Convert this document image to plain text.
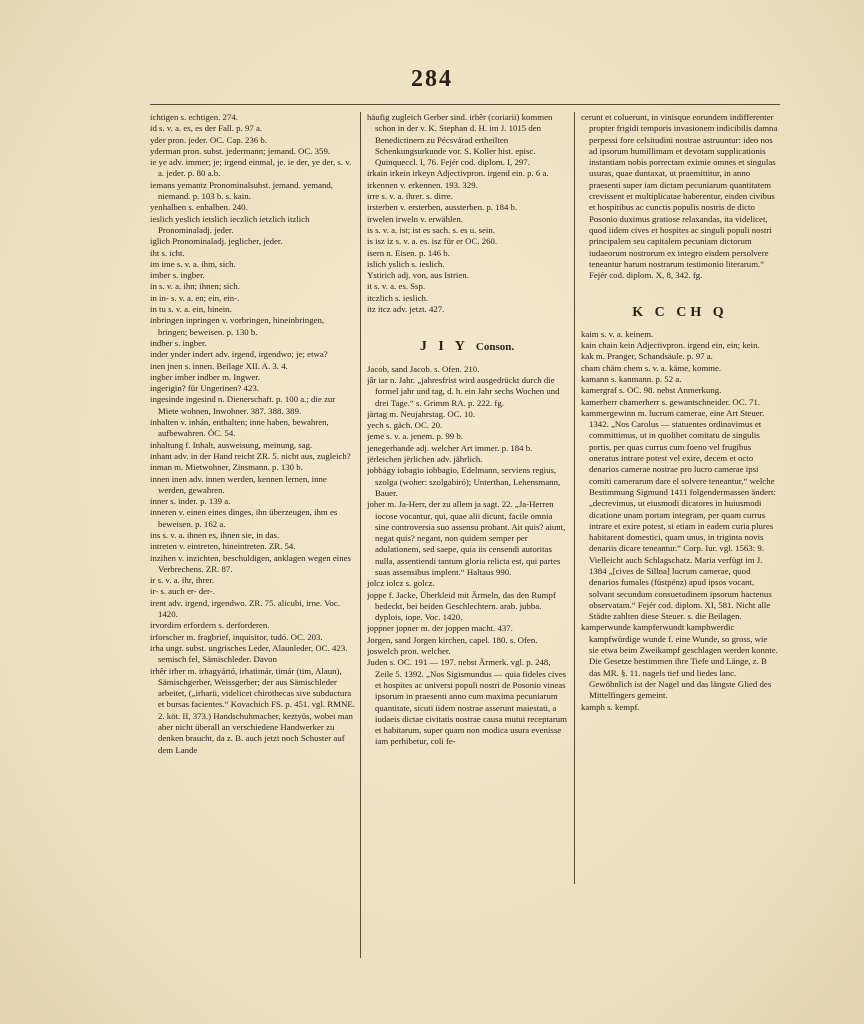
284

ichtigen s. echtigen. 274.

id s. v. a. es, es der Fall. p. 97 a.

yder pron. jeder. OC. Cap. 236 b.

yderman pron. subst. jedermann; jemand. OC. 359.

ie ye adv. immer; je; irgend einmal, je. ie der, ye der, s. v. a. jeder. p. 80 a.b.

iemans yemantz Pronominalsubst. jemand. yemand, niemand. p. 103 b. s. kain.

yenhalben s. enhalben. 240.

ieslich yeslich ietslich ieczlich ietzlich itzlich Pronominaladj. jeder.

iglich Pronominaladj. jeglicher, jeder.

iht s. icht.

im ime s. v. a. ihm, sich.

imber s. ingber.

in s. v. a. ihn; ihnen; sich.

in in- s. v. a. en; ein, ein-.

in tu s. v. a. ein, hinein.

inbringen inpringen v. vorbringen, hineinbringen, bringen; beweisen. p. 130 b.

indber s. ingber.

inder ynder indert adv. irgend, irgendwo; je; etwa?

inen jnen s. innen. Beilage XII. A. 3. 4.

ingber imber indber m. Ingwer.

ingerigin? für Ungerinen? 423.

ingesinde ingesind n. Dienerschaft. p. 100 a.; die zur Miete wohnen, Inwohner. 387. 388. 389.

inhalten v. inhán, enthalten; inne haben, bewahren, aufbewahren. ÓC. 54.

inhaltung f. Inhalt, ausweisung, meinung, sag.

inhant adv. in der Hand reicht ZR. 5. nicht aus, zugleich?

inman m. Mietwohner, Zinsmann. p. 130 b.

innen inen adv. innen werden, kennen lernen, inne werden, gewahren.

inner s. inder. p. 139 a.

inneren v. einen eines dinges, ihn überzeugen, ihm es beweisen. p. 162 a.

ins s. v. a. ihnen es, ihnen sie, in das.

intreten v. eintreten, hineintreten. ZR. 54.

inzihen v. inzichten, beschuldigen, anklagen wegen eines Verbrechens. ZR. 87.

ir s. v. a. ihr, ihrer.

ir- s. auch er- der-.

irent adv. irgend, irgendwo. ZR. 75. alicubi, irne. Voc. 1420.

irvordirn erfordern s. derforderen.

irforscher m. fragbrief, inquisitor, tudó. OC. 203.

irha ungr. subst. ungrisches Leder, Alaunleder, OC. 423. semisch fel, Sämischleder. Davon

irhêr irher m. irhagyártó, irhatimár, timár (tim, Alaun), Sämischgerber, Weissgerber; der aus Sämischleder arbeitet, („irharii, videlicet chirothecas sive subductura et bursas facientes.“ Kovachich FS. p. 451. vgl. RMNE. 2. köt. II, 373.) Handschuhmacher, keztyüs, wobei man aber nicht überall an verschiedene Handwerker zu denken braucht, da z. B. auch jetzt noch Schuster auf dem Lande

häufig zugleich Gerber sind. irhêr (coriarii) kommen schon in der v. K. Stephan d. H. im J. 1015 den Benedictinern zu Pécsvárad ertheilten Schenkungsurkunde vor. S. Koller hist. episc. Quinqueccl. I, 76. Fejér cod. diplom. I, 297.

irkain irkein irkeyn Adjectivpron. irgend ein. p. 6 a.

irkennen v. erkennen. 193. 329.

irre s. v. a. ihrer. s. dirre.

irsterben v. ersterben, aussterben. p. 184 b.

irwelen irweln v. erwählen.

is s. v. a. ist; ist es sach. s. es u. sein.

is isz iz s. v. a. es. isz für er OC. 260.

isern n. Eisen. p. 146 b.

islich yslich s. ieslich.

Ystirich adj. von, aus Istrien.

it s. v. a. es. Ssp.

itczlich s. ieslich.

itz itcz adv. jetzt. 427.

J I Y Conson.

Jacob, sand Jacob. s. Ofen. 210.

jâr iar n. Jahr. „jahresfrist wird ausgedrückt durch die formel jahr und tag, d. h. ein Jahr sechs Wochen und drei Tage.“ s. Grimm RA. p. 222. fg.

järtag m. Neujahrstag. OC. 10.

yech s. gäch. OC. 20.

jeme s. v. a. jenem. p. 99 b.

jenegerhande adj. welcher Art immer. p. 184 b.

jërleichen jërlichen adv. jährlich.

jobbágy iobagio iobbagio, Edelmann, serviens regius, szolga (woher: szolgabiró); Unterthan, Lehensmann, Bauer.

joher m. Ja-Herr, der zu allem ja sagt. 22. „Ja-Herren iocose vocantur, qui, quae alii dicunt, facile omnia sine controversia suo assensu probant. Ait quis? aiunt, negat quis? negant, non quidem semper per adulationem, sed saepe, quia iis censendi autoritas nulla, assentiendi tantum gloria relicta est, qui partes suas assensibus implent.“ Haltaus 990.

jolcz iolcz s. golcz.

joppe f. Jacke, Überkleid mit Ärmeln, das den Rumpf bedeckt, bei beiden Geschlechtern. arab. jubba. dyplois, iope. Voc. 1420.

joppner jopner m. der joppen macht. 437.

Jorgen, sand Jorgen kirchen, capel. 180. s. Ofen.

joswelch pron. welcher.

Juden s. OC. 191 — 197. nebst Ärmerk. vgl. p. 248, Zeile 5. 1392. „Nos Sigismundus — quia fideles cives et hospites ac universi populi nostri de Posonio vineas ipsorum in praesenti anno cum maxima pecuniarum quantitate, sicuti iidem nostrae asserunt maiestati, a iudaeis dictae civitatis nostrae causa mutui receptarum et habitarum, super quam non modica usura evenisse iam perhibetur, coli fe-

cerunt et coluerunt, in vinisque eorundem indifferenter propter frigidi temporis invasionem indicibilis damna perpessi fore celsitudini nostrae astruuntur: ideo nos ad ipsorum humillimam et devotam supplicationis instantiam nobis porrectam eximie omnes et singulas usuras, quae duntaxat, ut praemittitur, in anno praesenti super iam dictam pecuniarum quantitatem crevissent et multiplicatae haberentur, eisden civibus et hospitibus ac cunctis populis nostris de dicto Posonio duximus gratiose relaxandas, ita videlicet, quod iidem cives et hospites ac singuli populi nostri principalem seu capitalem pecuniam dictorum iudaeorum nostrorum ex integro eisdem persolvere teneantur harum nostrarum testimonio literarum.“ Fejér cod. diplom. X, 8, 342. fg.

K C CH Q

kaim s. v. a. keinem.

kain chain kein Adjectivpron. irgend ein, ein; kein.

kak m. Pranger, Schandsäule. p. 97 a.

cham chäm chem s. v. a. käme, komme.

kamann s. kanmann. p. 52 a.

kamergraf s. OC. 98. nebst Anmerkung.

kamerherr chamerherr s. gewantschneider. OC. 71.

kammergewinn m. lucrum camerae, eine Art Steuer. 1342. „Nos Carolus — statuentes ordinavimus et committimus, ut in quolibet comitatu de singulis portis, per quas currus cum foeno vel frugibus oneratus intrare potest vel exire, decem et octo denarios camerae nostrae pro lucro camerae ipsi comiti camerarum dare el solvere teneantur,“ welche Bestimmung Sigmund 1411 folgendermassen ändert: „decrevimus, ut eiusmodi dicatores in huiusmodi dicatione unam portam integram, per quam currus intrare et exire potest, si etiam in eadem curia plures habitarent domestici, quam unus, in triginta novis denariis dicare teneantur.“ Corp. Iur. vgl. 1563: 9. Vielleicht auch Schlagschatz. Maria verfügt im J. 1384 „[cives de Sillna] lucrum camerae, quod denarios fumales (füstpénz) apud ipsos vocant, solvant secundum consuetudinem ipsorum hactenus observatam.“ Fejér cod. diplom. XI, 581. Nicht alle Städte zahlten diese Steuer. s. die Beilagen.

kamperwunde kampferwundt kamphwerdic kampfwürdige wunde f. eine Wunde, so gross, wie sie etwa beim Zweikampf geschlagen werden konnte. Die Gesetze bestimmen ihre Tiefe und Länge, z. B das MR. §. 11. nagels tief und liedes lanc. Gewöhnlich ist der Nagel und das längste Glied des Mittelfingers gemeint.

kamph s. kempf.
